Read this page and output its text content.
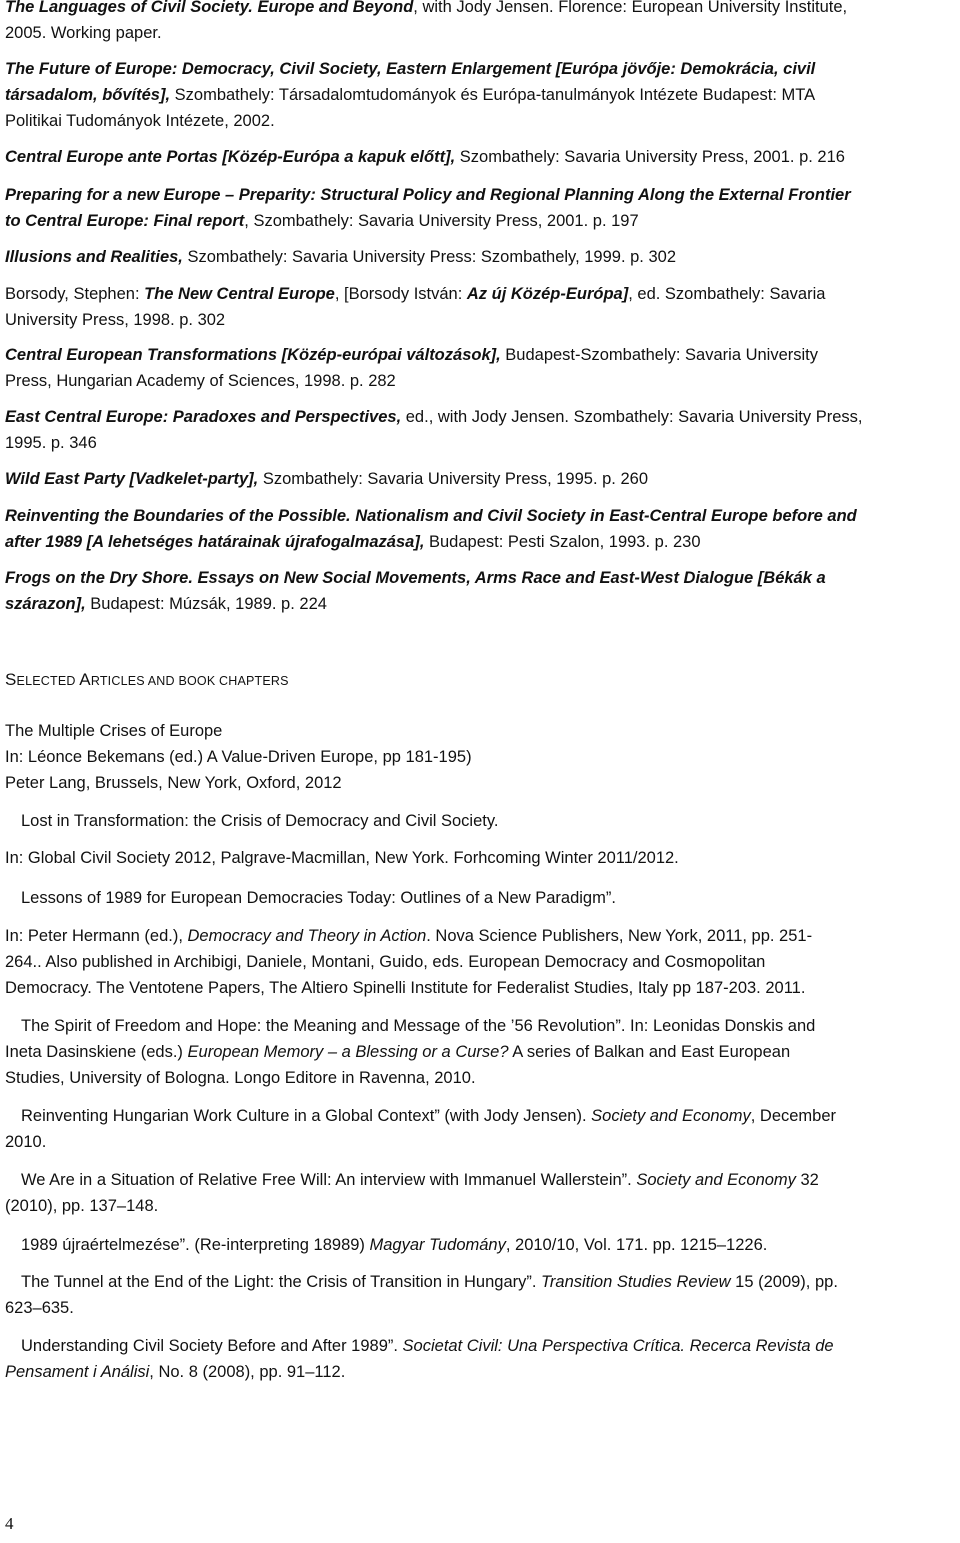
The Languages of Civil Society. Europe and Beyond, with Jody Jensen. Florence: European University Institute,
2005. Working paper.
The Future of Europe: Democracy, Civil Society, Eastern Enlargement [Európa jövője: Demokrácia, civil
társadalom, bővítés], Szombathely: Társadalomtudományok és Európa-tanulmányok Intézete Budapest: MTA
Politikai Tudományok Intézete, 2002.
Central Europe ante Portas [Közép-Európa a kapuk előtt], Szombathely: Savaria University Press, 2001. p. 216
Preparing for a new Europe – Preparity: Structural Policy and Regional Planning Along the External Frontier
to Central Europe: Final report, Szombathely: Savaria University Press, 2001. p. 197
Illusions and Realities, Szombathely: Savaria University Press: Szombathely, 1999. p. 302
Borsody, Stephen: The New Central Europe, [Borsody István: Az új Közép-Európa], ed. Szombathely: Savaria
University Press, 1998. p. 302
Central European Transformations [Közép-európai változások], Budapest-Szombathely: Savaria University
Press, Hungarian Academy of Sciences, 1998. p. 282
East Central Europe: Paradoxes and Perspectives, ed., with Jody Jensen. Szombathely: Savaria University Press,
1995. p. 346
Wild East Party [Vadkelet-party], Szombathely: Savaria University Press, 1995. p. 260
Reinventing the Boundaries of the Possible. Nationalism and Civil Society in East-Central Europe before and
after 1989 [A lehetséges határainak újrafogalmazása], Budapest: Pesti Szalon, 1993. p. 230
Frogs on the Dry Shore. Essays on New Social Movements, Arms Race and East-West Dialogue [Békák a
szárazon], Budapest: Múzsák, 1989. p. 224
SELECTED ARTICLES AND BOOK CHAPTERS
The Multiple Crises of Europe
In: Léonce Bekemans (ed.) A Value-Driven Europe, pp 181-195)
Peter Lang, Brussels, New York, Oxford, 2012
Lost in Transformation: the Crisis of Democracy and Civil Society.
In: Global Civil Society 2012, Palgrave-Macmillan, New York. Forhcoming Winter 2011/2012.
Lessons of 1989 for European Democracies Today: Outlines of a New Paradigm”.
In: Peter Hermann (ed.), Democracy and Theory in Action. Nova Science Publishers, New York, 2011, pp. 251-
264.. Also published in Archibigi, Daniele, Montani, Guido, eds. European Democracy and Cosmopolitan
Democracy. The Ventotene Papers, The Altiero Spinelli Institute for Federalist Studies, Italy pp 187-203. 2011.
The Spirit of Freedom and Hope: the Meaning and Message of the ’56 Revolution”. In: Leonidas Donskis and
Ineta Dasinskiene (eds.) European Memory – a Blessing or a Curse? A series of Balkan and East European
Studies, University of Bologna. Longo Editore in Ravenna, 2010.
Reinventing Hungarian Work Culture in a Global Context” (with Jody Jensen). Society and Economy, December
2010.
We Are in a Situation of Relative Free Will: An interview with Immanuel Wallerstein”. Society and Economy 32
(2010), pp. 137–148.
1989 újraértelmezése”. (Re-interpreting 18989) Magyar Tudomány, 2010/10, Vol. 171. pp. 1215–1226.
The Tunnel at the End of the Light: the Crisis of Transition in Hungary”. Transition Studies Review 15 (2009), pp.
623–635.
Understanding Civil Society Before and After 1989”. Societat Civil: Una Perspectiva Crítica. Recerca Revista de
Pensament i Análisi, No. 8 (2008), pp. 91–112.
4
